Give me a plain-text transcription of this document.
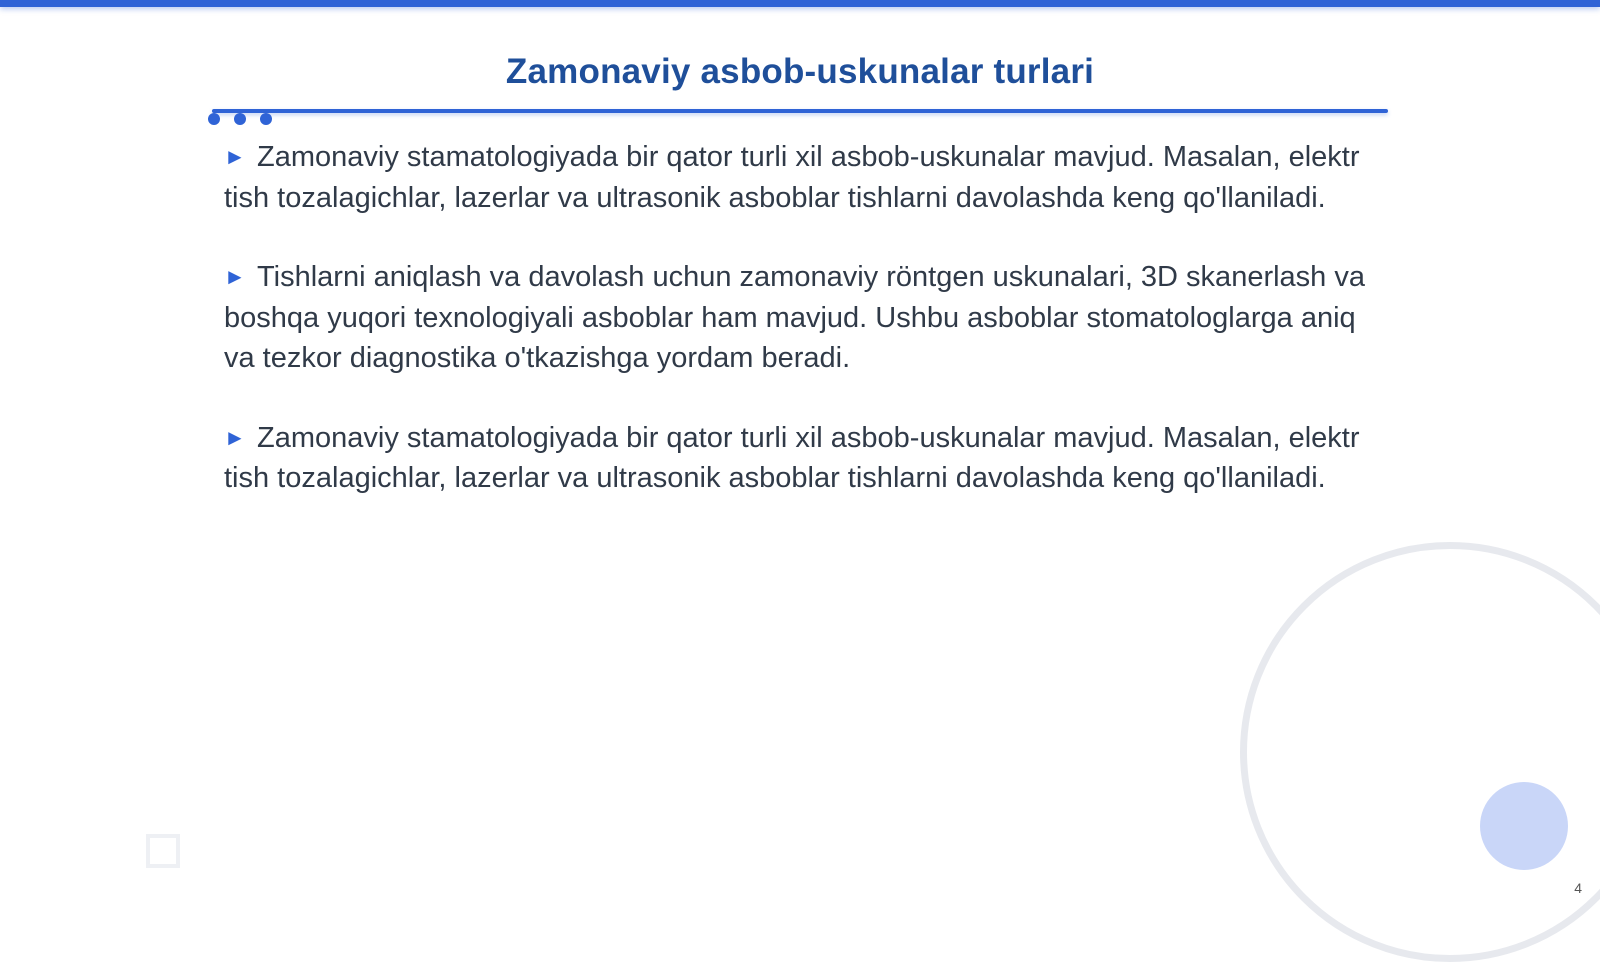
Zamonaviy asbob-uskunalar turlari

► Zamonaviy stamatologiyada bir qator turli xil asbob-uskunalar mavjud. Masalan, elektr tish tozalagichlar, lazerlar va ultrasonik asboblar tishlarni davolashda keng qo'llaniladi.

► Tishlarni aniqlash va davolash uchun zamonaviy röntgen uskunalari, 3D skanerlash va boshqa yuqori texnologiyali asboblar ham mavjud. Ushbu asboblar stomatologlarga aniq va tezkor diagnostika o'tkazishga yordam beradi.

► Zamonaviy stamatologiyada bir qator turli xil asbob-uskunalar mavjud. Masalan, elektr tish tozalagichlar, lazerlar va ultrasonik asboblar tishlarni davolashda keng qo'llaniladi.

4
